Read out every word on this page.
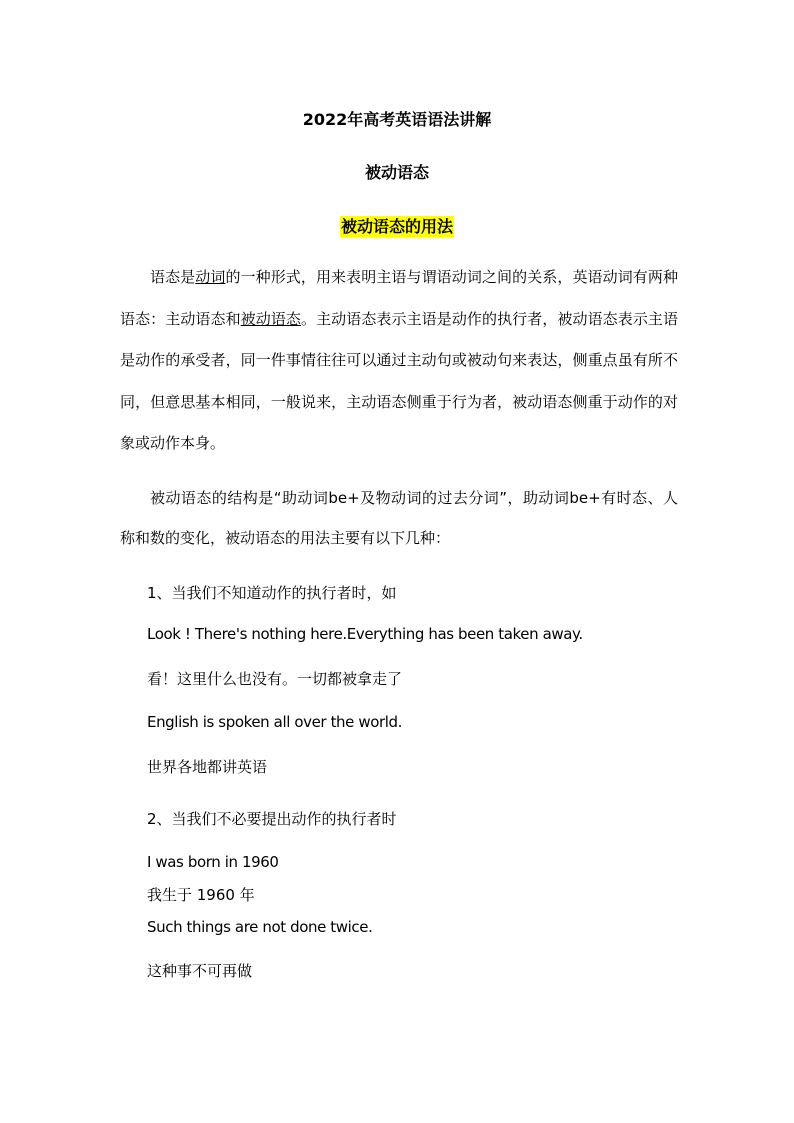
2022年高考英语语法讲解
被动语态
被动语态的用法
语态是动词的一种形式，用来表明主语与谓语动词之间的关系，英语动词有两种语态：主动语态和被动语态。主动语态表示主语是动作的执行者，被动语态表示主语是动作的承受者，同一件事情往往可以通过主动句或被动句来表达，侧重点虽有所不同，但意思基本相同，一般说来，主动语态侧重于行为者，被动语态侧重于动作的对象或动作本身。
被动语态的结构是“助动词be+及物动词的过去分词”，助动词be+有时态、人称和数的变化，被动语态的用法主要有以下几种：
1、当我们不知道动作的执行者时，如
Look ! There's nothing here.Everything has been taken away.
看！这里什么也没有。一切都被拿走了
English is spoken all over the world.
世界各地都讲英语
2、当我们不必要提出动作的执行者时
I was born in 1960
我生于 1960 年
Such things are not done twice.
这种事不可再做
